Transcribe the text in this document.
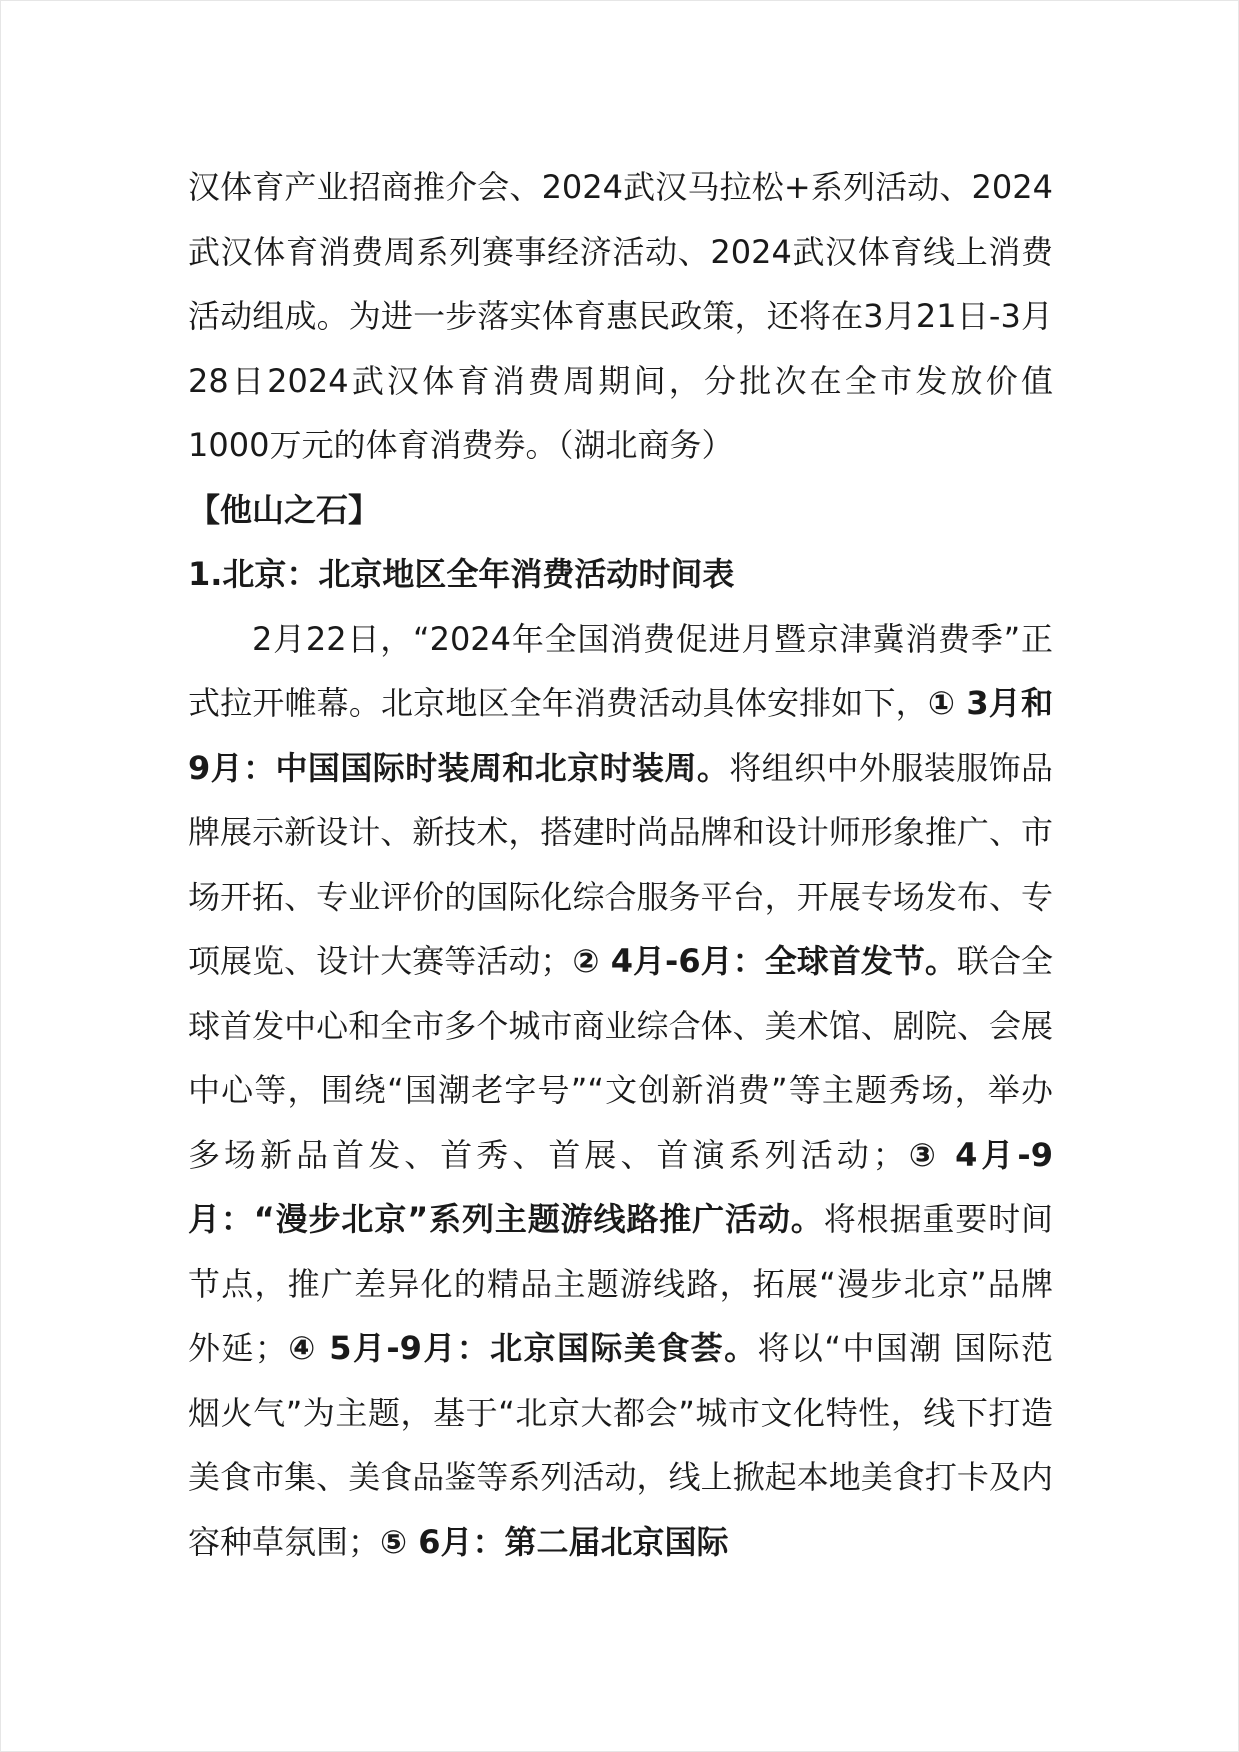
汉体育产业招商推介会、2024武汉马拉松+系列活动、2024武汉体育消费周系列赛事经济活动、2024武汉体育线上消费活动组成。为进一步落实体育惠民政策，还将在3月21日-3月28日2024武汉体育消费周期间，分批次在全市发放价值1000万元的体育消费券。（湖北商务）

【他山之石】

1.北京：北京地区全年消费活动时间表

2月22日，“2024年全国消费促进月暨京津冀消费季”正式拉开帷幕。北京地区全年消费活动具体安排如下，① 3月和9月：中国国际时装周和北京时装周。将组织中外服装服饰品牌展示新设计、新技术，搭建时尚品牌和设计师形象推广、市场开拓、专业评价的国际化综合服务平台，开展专场发布、专项展览、设计大赛等活动；② 4月-6月：全球首发节。联合全球首发中心和全市多个城市商业综合体、美术馆、剧院、会展中心等，围绕“国潮老字号”“文创新消费”等主题秀场，举办多场新品首发、首秀、首展、首演系列活动；③ 4月-9月：“漫步北京”系列主题游线路推广活动。将根据重要时间节点，推广差异化的精品主题游线路，拓展“漫步北京”品牌外延；④ 5月-9月：北京国际美食荟。将以“中国潮 国际范 烟火气”为主题，基于“北京大都会”城市文化特性，线下打造美食市集、美食品鉴等系列活动，线上掀起本地美食打卡及内容种草氛围；⑤ 6月：第二届北京国际
